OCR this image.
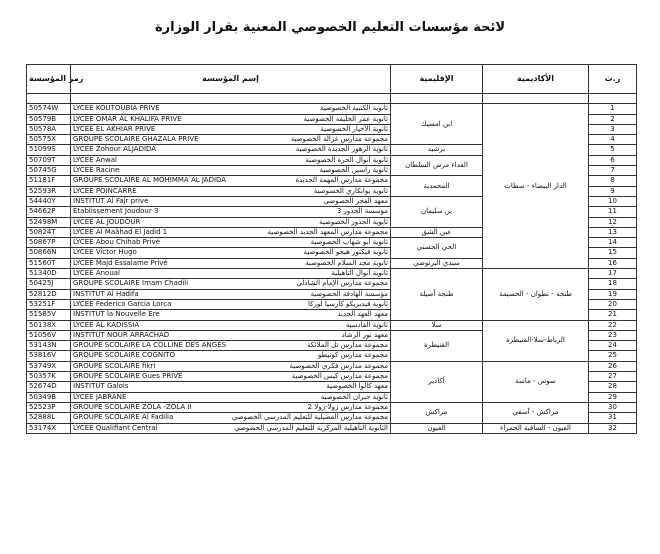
لائحة مؤسسات التعليم الخصوصي المعنية بقرار الوزارة
رمز المؤسسة	إسم المؤسسة		الإقليمية	الأكاديمية	ر.ت

50574W	LYCEE KOUTOUBIA PRIVE	ثانوية الكتبية الخصوصية	ابن امسيك	الدار البيضاء - سطات	1
50579B	LYCEE OMAR AL KHALIFA PRIVE	ثانوية عمر الخليفة الخصوصية			2
50578A	LYCEE EL AKHIAR PRIVE	ثانوية الأخيار الخصوصية			3
50575X	GROUPE SCOLAIRE GHAZALA PRIVE	مجموعة مدارس غزالة الخصوصية			4
51099S	LYCEE Zohour ALJADIDA	ثانوية الزهور الجديدة الخصوصية	برشيد		5
50709T	LYCEE Anwal	ثانوية أنوال الحرة الخصوصية	الفداء مرس السلطان		6
50745G	LYCEE Racine	ثانوية راسين الخصوصية			7
51181F	GROUPE SCOLAIRE AL MOHIMMA AL JADIDA	مجموعة مدارس المهمة الجديدة	المحمدية		8
52593R	LYCEE POINCARRE	ثانوية بوانكاري الخصوصية			9
54440Y	INSTITUT Al Fajr prive	معهد الفجر الخصوصي	بن سليمان		10
54662P	Etablissement Joudour 3	مؤسسة الجذور 3			11
52498M	LYCEE AL JOUDOUR	ثانوية الجذور الخصوصية			12
50824T	LYCEE Al Maâhad El Jadid 1	مجموعة مدارس المعهد الجديد الخصوصية	عين الشق		13
50867P	LYCEE Abou Chihab Privé	ثانوية أبو شهاب الخصوصية	الحي الحسني		14
50866N	LYCEE Victor Hugo	ثانوية فيكتور هيجو الخصوصية			15
51560T	LYCEE Majd Essalame Privé	ثانوية مجد السلام الخصوصية	سيدي البرنوصي		16
51340D	LYCEE Anoual	ثانوية أنوال التأهيلية	طنجة أصيلة	طنجة - تطوان - الحسيمة	17
50425J	GROUPE SCOLAIRE Imam Chadili	مجموعة مدارس الإمام الشاذلي			18
52812D	INSTITUT Al Hadifa	مؤسسة الهادفة الخصوصية			19
53251F	LYCEE Federico Garcia Lorca	ثانوية فيديريكو كارسيا لوركا			20
51585V	INSTITUT la Nouvelle Ere	معهد العهد الجديد			21
50138X	LYCEE AL KADISSIA	ثانوية القادسية	سلا	الرباط-سلا-القنيطرة	22
51056V	INSTITUT NOUR ARRACHAD	معهد نور الرشاد	القنيطرة		23
53143N	GROUPE SCOLAIRE LA COLLINE DES ANGES	مجموعة مدارس تل الملائكة			24
53816V	GROUPE SCOLAIRE COGNITO	مجموعة مدارس كونيطو			25
53749X	GROUPE SCOLAIRE fikri	مجموعة مدارس فكري الخصوصية	أكادير	سوس - ماسة	26
50357K	GROUPE SCOLAIRE Gues PRIVE	مجموعة مدارس كيس الخصوصية			27
52674D	INSTITUT Galois	معهد كالوا الخصوصية			28
50349B	LYCEE JABRANE	ثانوية جبران الخصوصية			29
52523P	GROUPE SCOLAIRE ZOLA -ZOLA II	مجموعة مدارس زولا-زولا 2	مراكش	مراكش - آسفي	30
52888L	GROUPE SCOLAIRE Al Fadilia	مجموعة مدارس الفضيلية للتعليم المدرسي الخصوصي			31
53174X	LYCEE Qualifiant Central	الثانوية التأهيلية المركزية للتعليم المدرسي الخصوصي	العيون	العيون - الساقية الحمراء	32
